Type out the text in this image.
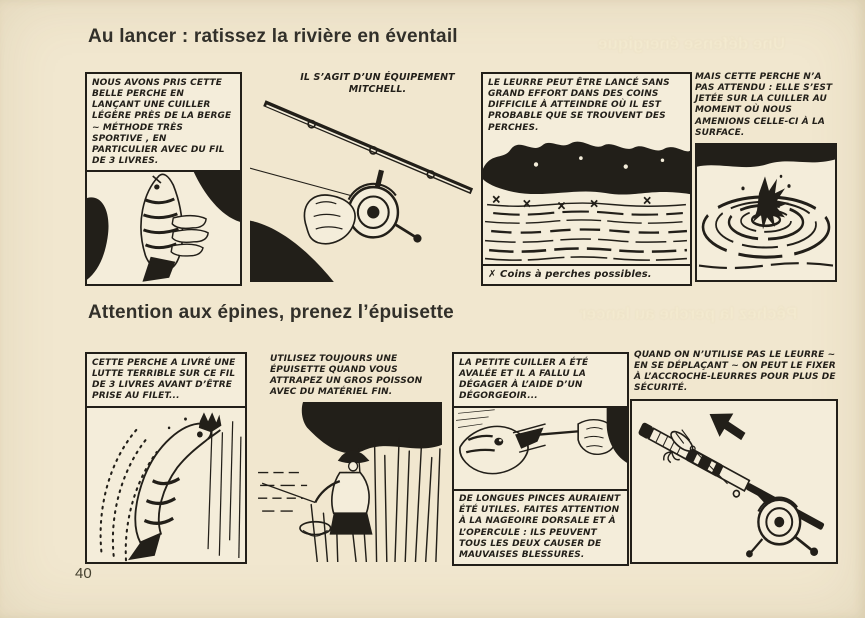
Une défense énergique
Pêchez la perche au lancer
Au lancer : ratissez la rivière en éventail
NOUS AVONS PRIS CETTE BELLE PERCHE EN LANÇANT UNE CUILLER LÉGÈRE PRÈS DE LA BERGE ~ MÉTHODE TRÈS SPORTIVE , EN PARTICULIER AVEC DU FIL DE 3 LIVRES.
IL S’AGIT D’UN ÉQUIPEMENT MITCHELL.
LE LEURRE PEUT ÊTRE LANCÉ SANS GRAND EFFORT DANS DES COINS DIFFICILE À ATTEINDRE OÙ IL EST PROBABLE QUE SE TROUVENT DES PERCHES.
✗ Coins à perches possibles.
MAIS CETTE PERCHE N’A PAS ATTENDU : ELLE S’EST JETÉE SUR LA CUILLER AU MOMENT OÙ NOUS AMENIONS CELLE-CI À LA SURFACE.
Attention aux épines, prenez l’épuisette
CETTE PERCHE A LIVRÉ UNE LUTTE TERRIBLE SUR CE FIL DE 3 LIVRES AVANT D’ÊTRE PRISE AU FILET...
UTILISEZ TOUJOURS UNE ÉPUISETTE QUAND VOUS ATTRAPEZ UN GROS POISSON AVEC DU MATÉRIEL FIN.
LA PETITE CUILLER A ÉTÉ AVALÉE ET IL A FALLU LA DÉGAGER À L’AIDE D’UN DÉGORGEOIR...
DE LONGUES PINCES AURAIENT ÉTÉ UTILES. FAITES ATTENTION À LA NAGEOIRE DORSALE ET À L’OPERCULE : ILS PEUVENT TOUS LES DEUX CAUSER DE MAUVAISES BLESSURES.
QUAND ON N’UTILISE PAS LE LEURRE ~ EN SE DÉPLAÇANT ~ ON PEUT LE FIXER À L’ACCROCHE-LEURRES POUR PLUS DE SÉCURITÉ.
40
